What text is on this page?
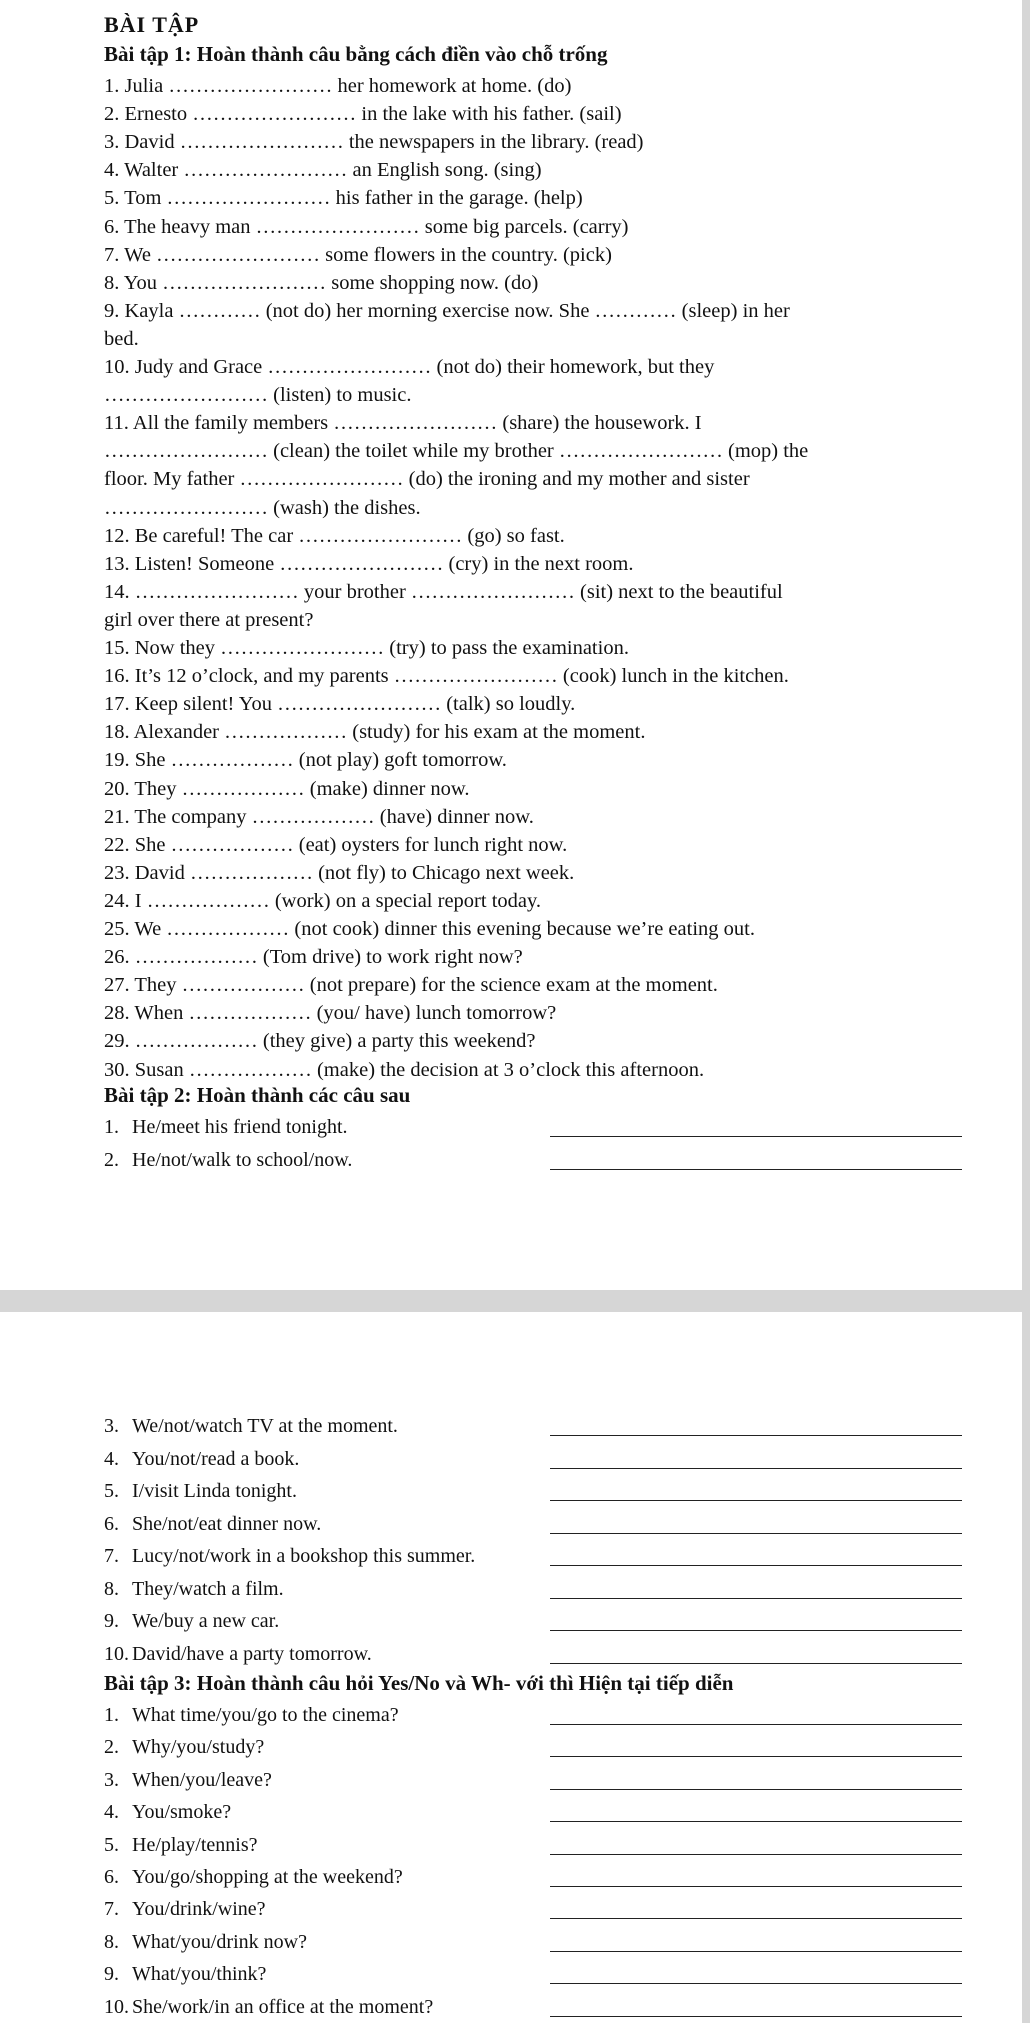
BÀI TẬP
Bài tập 1: Hoàn thành câu bằng cách điền vào chỗ trống
1. Julia …………………… her homework at home. (do)
2. Ernesto …………………… in the lake with his father. (sail)
3. David …………………… the newspapers in the library. (read)
4. Walter …………………… an English song. (sing)
5. Tom …………………… his father in the garage. (help)
6. The heavy man …………………… some big parcels. (carry)
7. We …………………… some flowers in the country. (pick)
8. You …………………… some shopping now. (do)
9. Kayla ………… (not do) her morning exercise now. She ………… (sleep) in her
bed.
10. Judy and Grace …………………… (not do) their homework, but they
…………………… (listen) to music.
11. All the family members …………………… (share) the housework. I
…………………… (clean) the toilet while my brother …………………… (mop) the
floor. My father …………………… (do) the ironing and my mother and sister
…………………… (wash) the dishes.
12. Be careful! The car …………………… (go) so fast.
13. Listen! Someone …………………… (cry) in the next room.
14. …………………… your brother …………………… (sit) next to the beautiful
girl over there at present?
15. Now they …………………… (try) to pass the examination.
16. It’s 12 o’clock, and my parents …………………… (cook) lunch in the kitchen.
17. Keep silent! You …………………… (talk) so loudly.
18. Alexander ……………… (study) for his exam at the moment.
19. She ……………… (not play) goft tomorrow.
20. They ……………… (make) dinner now.
21. The company ……………… (have) dinner now.
22. She ……………… (eat) oysters for lunch right now.
23. David ……………… (not fly) to Chicago next week.
24. I ……………… (work) on a special report today.
25. We ……………… (not cook) dinner this evening because we’re eating out.
26. ……………… (Tom drive) to work right now?
27. They ……………… (not prepare) for the science exam at the moment.
28. When ……………… (you/ have) lunch tomorrow?
29. ……………… (they give) a party this weekend?
30. Susan ……………… (make) the decision at 3 o’clock this afternoon.
Bài tập 2: Hoàn thành các câu sau
1. He/meet his friend tonight.
2. He/not/walk to school/now.
3. We/not/watch TV at the moment.
4. You/not/read a book.
5. I/visit Linda tonight.
6. She/not/eat dinner now.
7. Lucy/not/work in a bookshop this summer.
8. They/watch a film.
9. We/buy a new car.
10. David/have a party tomorrow.
Bài tập 3: Hoàn thành câu hỏi Yes/No và Wh- với thì Hiện tại tiếp diễn
1. What time/you/go to the cinema?
2. Why/you/study?
3. When/you/leave?
4. You/smoke?
5. He/play/tennis?
6. You/go/shopping at the weekend?
7. You/drink/wine?
8. What/you/drink now?
9. What/you/think?
10. She/work/in an office at the moment?
